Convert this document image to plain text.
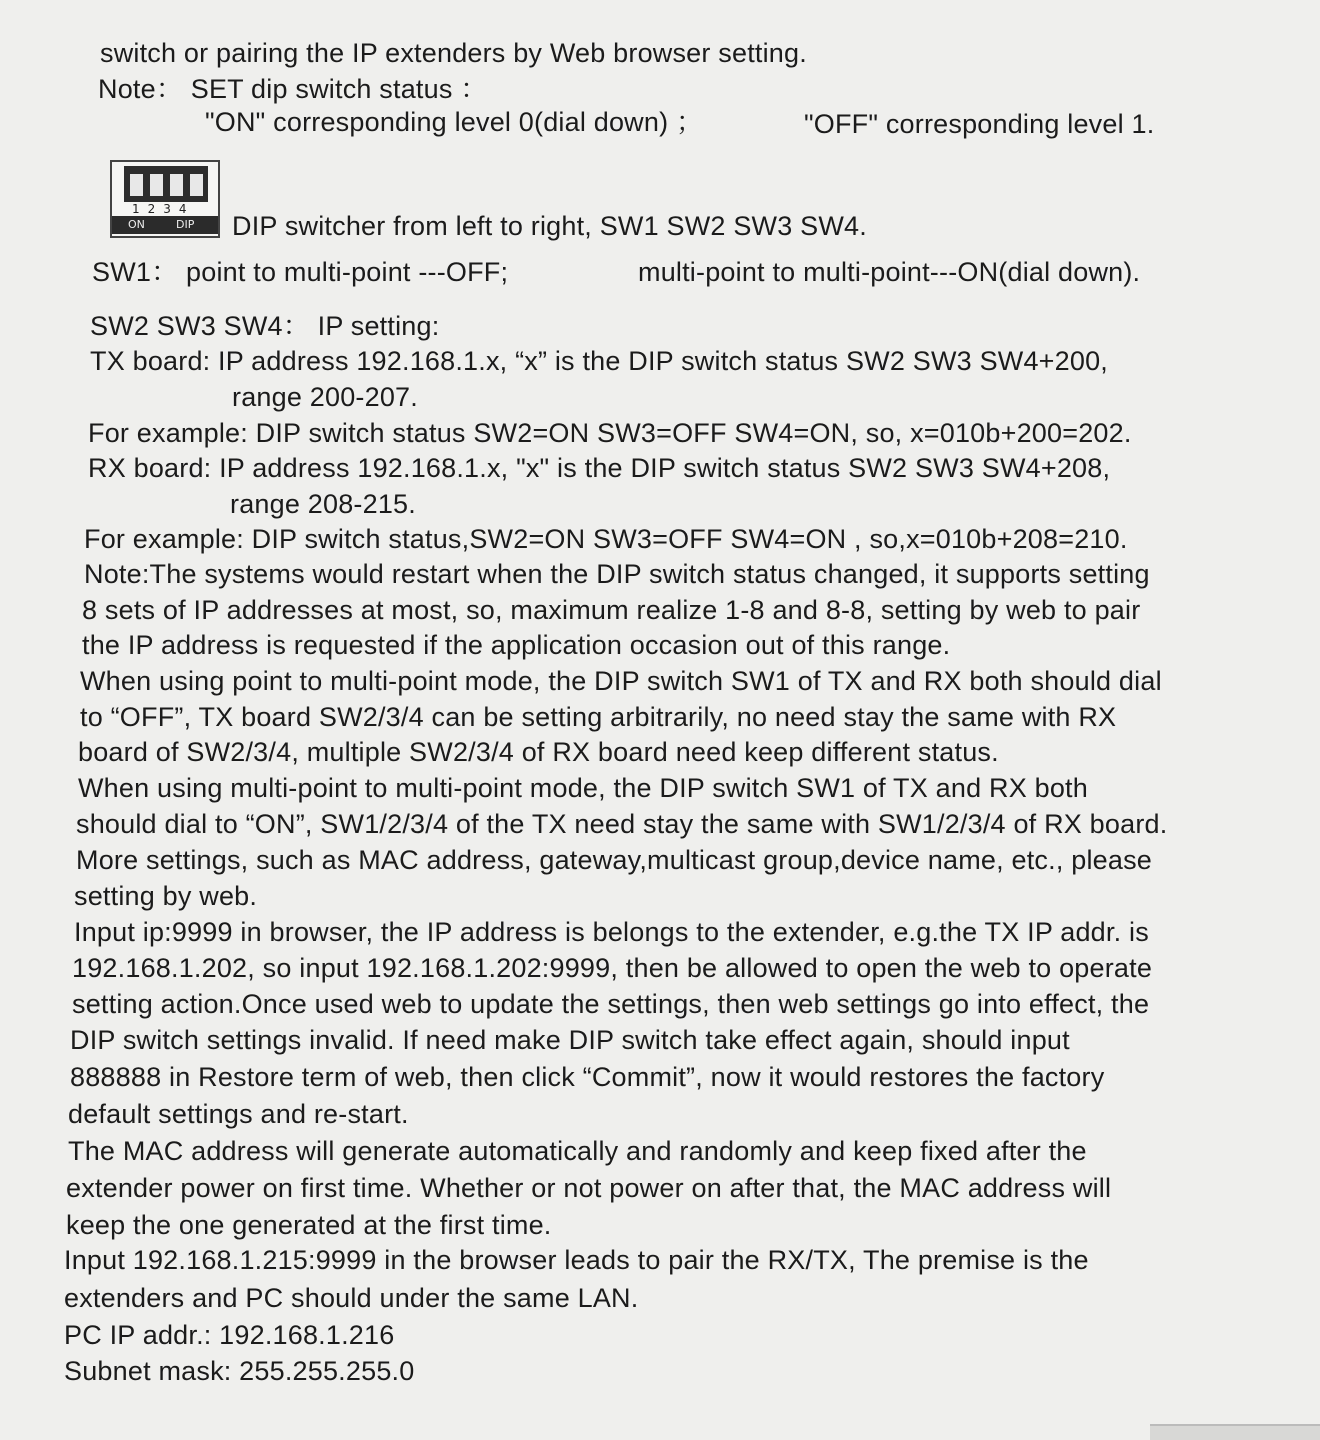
1234
ON	DIP
switch or pairing the IP extenders by Web browser setting.
Note： SET dip switch status ：
"ON" corresponding level 0(dial down) ；	"OFF" corresponding level 1.
DIP switcher from left to right, SW1 SW2 SW3 SW4.
SW1： point to multi-point ---OFF;	multi-point to multi-point---ON(dial down).
SW2 SW3 SW4： IP setting:
TX board: IP address 192.168.1.x, “x” is the DIP switch status SW2 SW3 SW4+200,
range 200-207.
For example: DIP switch status SW2=ON SW3=OFF SW4=ON, so, x=010b+200=202.
RX board: IP address 192.168.1.x, "x" is the DIP switch status SW2 SW3 SW4+208,
range 208-215.
For example: DIP switch status,SW2=ON SW3=OFF SW4=ON , so,x=010b+208=210.
Note:The systems would restart when the DIP switch status changed, it supports setting
8 sets of IP addresses at most, so, maximum realize 1-8 and 8-8, setting by web to pair
the IP address is requested if the application occasion out of this range.
When using point to multi-point mode, the DIP switch SW1 of TX and RX both should dial
to “OFF”, TX board SW2/3/4 can be setting arbitrarily, no need stay the same with RX
board of SW2/3/4, multiple SW2/3/4 of RX board need keep different status.
When using multi-point to multi-point mode, the DIP switch SW1 of TX and RX both
should dial to “ON”, SW1/2/3/4 of the TX need stay the same with SW1/2/3/4 of RX board.
More settings, such as MAC address, gateway,multicast group,device name, etc., please
setting by web.
Input ip:9999 in browser, the IP address is belongs to the extender, e.g.the TX IP addr. is
192.168.1.202, so input 192.168.1.202:9999, then be allowed to open the web to operate
setting action.Once used web to update the settings, then web settings go into effect, the
DIP switch settings invalid. If need make DIP switch take effect again, should input
888888 in Restore term of web, then click “Commit”, now it would restores the factory
default settings and re-start.
The MAC address will generate automatically and randomly and keep fixed after the
extender power on first time. Whether or not power on after that, the MAC address will
keep the one generated at the first time.
Input 192.168.1.215:9999 in the browser leads to pair the RX/TX, The premise is the
extenders and PC should under the same LAN.
PC IP addr.: 192.168.1.216
Subnet mask: 255.255.255.0
